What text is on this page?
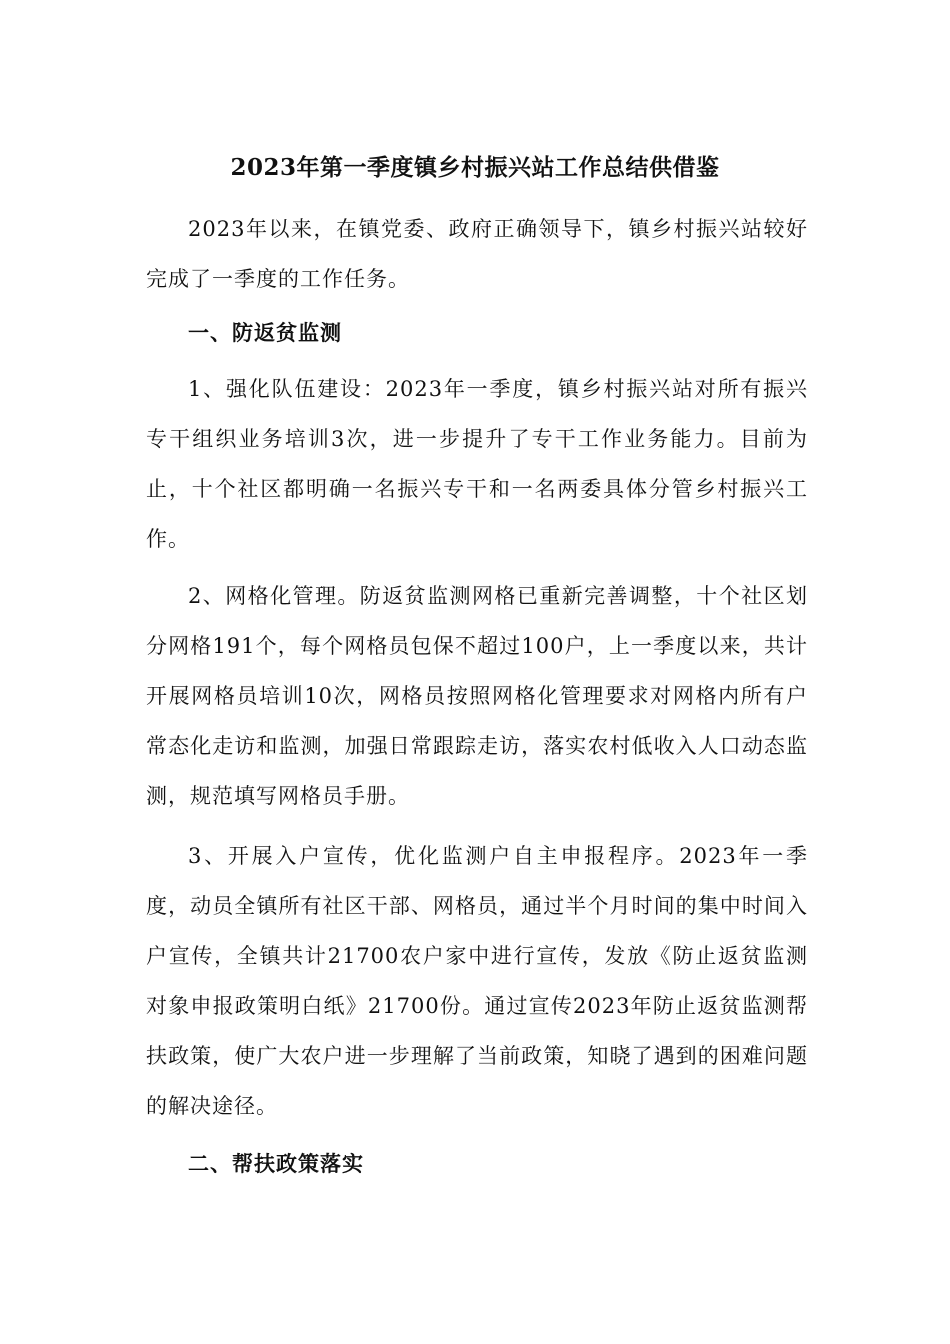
2023年第一季度镇乡村振兴站工作总结供借鉴

2023年以来，在镇党委、政府正确领导下，镇乡村振兴站较好完成了一季度的工作任务。

一、防返贫监测

1、强化队伍建设：2023年一季度，镇乡村振兴站对所有振兴专干组织业务培训3次，进一步提升了专干工作业务能力。目前为止，十个社区都明确一名振兴专干和一名两委具体分管乡村振兴工作。

2、网格化管理。防返贫监测网格已重新完善调整，十个社区划分网格191个，每个网格员包保不超过100户，上一季度以来，共计开展网格员培训10次，网格员按照网格化管理要求对网格内所有户常态化走访和监测，加强日常跟踪走访，落实农村低收入人口动态监测，规范填写网格员手册。

3、开展入户宣传，优化监测户自主申报程序。2023年一季度，动员全镇所有社区干部、网格员，通过半个月时间的集中时间入户宣传，全镇共计21700农户家中进行宣传，发放《防止返贫监测对象申报政策明白纸》21700份。通过宣传2023年防止返贫监测帮扶政策，使广大农户进一步理解了当前政策，知晓了遇到的困难问题的解决途径。

二、帮扶政策落实
